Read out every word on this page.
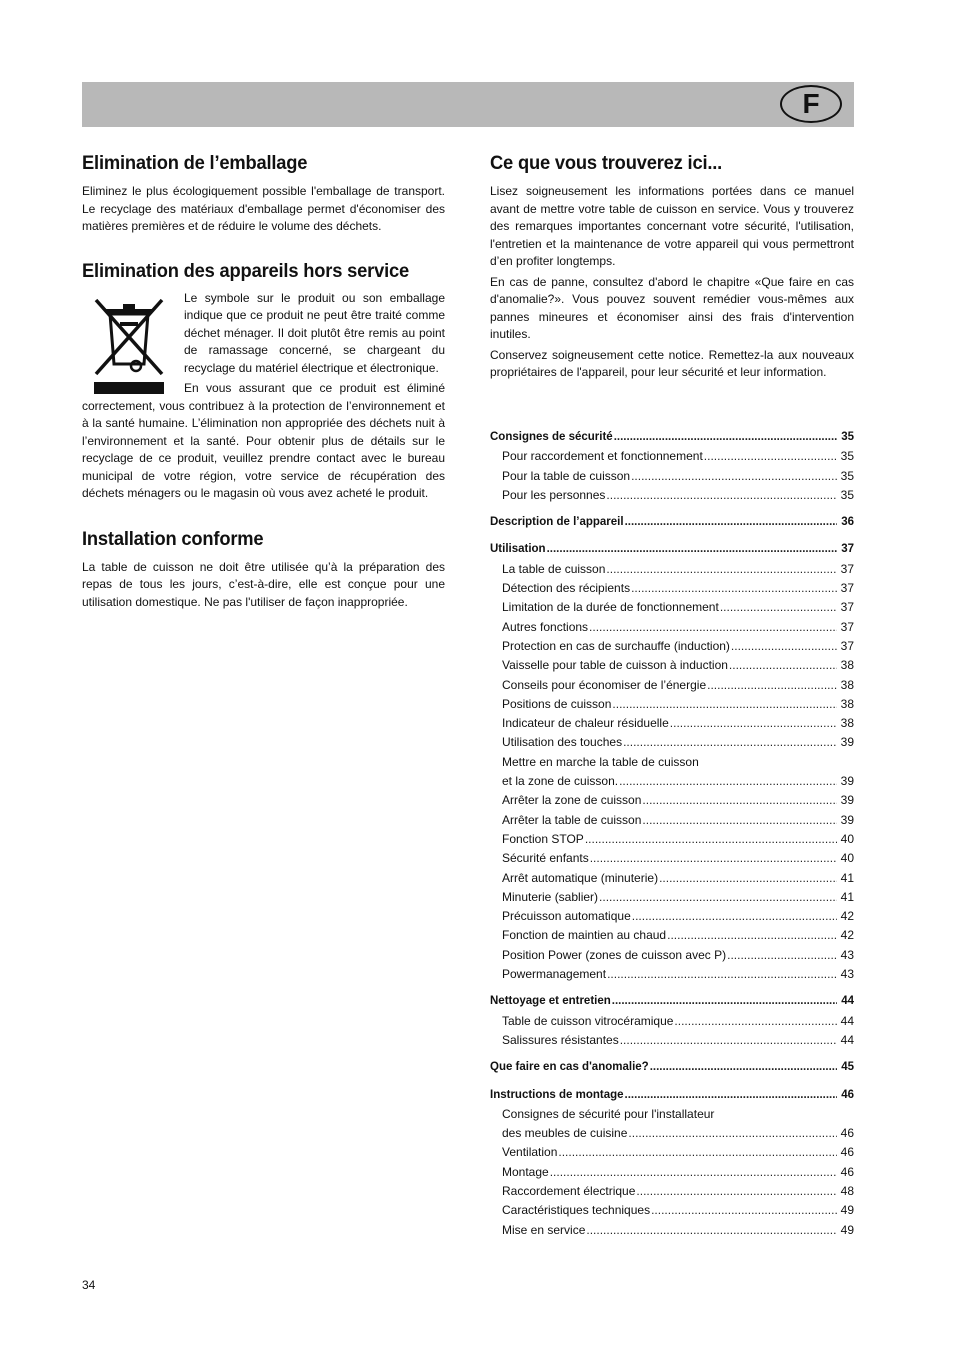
F
Elimination de l’emballage

Eliminez le plus écologiquement possible l'emballage de transport. Le recyclage des matériaux d'emballage permet d'économiser des matières premières et de réduire le volume des déchets.

Elimination des appareils hors service

Le symbole sur le produit ou son emballage indique que ce produit ne peut être traité comme déchet ménager. Il doit plutôt être remis au point de ramassage concerné, se chargeant du recyclage du matériel électrique et électronique.

En vous assurant que ce produit est éliminé correctement, vous contribuez à la protection de l’environnement et à la santé humaine. L’élimination non appropriée des déchets nuit à l’environnement et la santé. Pour obtenir plus de détails sur le recyclage de ce produit, veuillez prendre contact avec le bureau municipal de votre région, votre service de récupération des déchets ménagers ou le magasin où vous avez acheté le produit.

Installation conforme

La table de cuisson ne doit être utilisée qu’à la préparation des repas de tous les jours, c’est-à-dire, elle est conçue pour une utilisation domestique. Ne pas l'utiliser de façon inappropriée.

Ce que vous trouverez ici...

Lisez soigneusement les informations portées dans ce manuel avant de mettre votre table de cuisson en service. Vous y trouverez des remarques importantes concernant votre sécurité, l'utilisation, l'entretien et la maintenance de votre appareil qui vous permettront d’en profiter longtemps.

En cas de panne, consultez d'abord le chapitre «Que faire en cas d'anomalie?». Vous pouvez souvent remédier vous-mêmes aux pannes mineures et économiser ainsi des frais d'intervention inutiles.

Conservez soigneusement cette notice. Remettez-la aux nouveaux propriétaires de l'appareil, pour leur sécurité et leur information.

Consignes de sécurité .....	35
Pour raccordement et fonctionnement .....	35
Pour la table de cuisson .....	35
Pour les personnes .....	35
Description de l’appareil .....	36
Utilisation .....	37
La table de cuisson .....	37
Détection des récipients .....	37
Limitation de la durée de fonctionnement .....	37
Autres fonctions .....	37
Protection en cas de surchauffe (induction) .....	37
Vaisselle pour table de cuisson à induction .....	38
Conseils pour économiser de l’énergie .....	38
Positions de cuisson .....	38
Indicateur de chaleur résiduelle .....	38
Utilisation des touches .....	39
Mettre en marche la table de cuisson
et la zone de cuisson. .....	39
Arrêter la zone de cuisson .....	39
Arrêter la table de cuisson .....	39
Fonction STOP .....	40
Sécurité enfants .....	40
Arrêt automatique (minuterie) .....	41
Minuterie (sablier) .....	41
Précuisson automatique .....	42
Fonction de maintien au chaud .....	42
Position Power (zones de cuisson avec P) .....	43
Powermanagement .....	43
Nettoyage et entretien .....	44
Table de cuisson vitrocéramique .....	44
Salissures résistantes .....	44
Que faire en cas d'anomalie? .....	45
Instructions de montage .....	46
Consignes de sécurité pour l'installateur
des meubles de cuisine .....	46
Ventilation .....	46
Montage .....	46
Raccordement électrique .....	48
Caractéristiques techniques .....	49
Mise en service .....	49
34
